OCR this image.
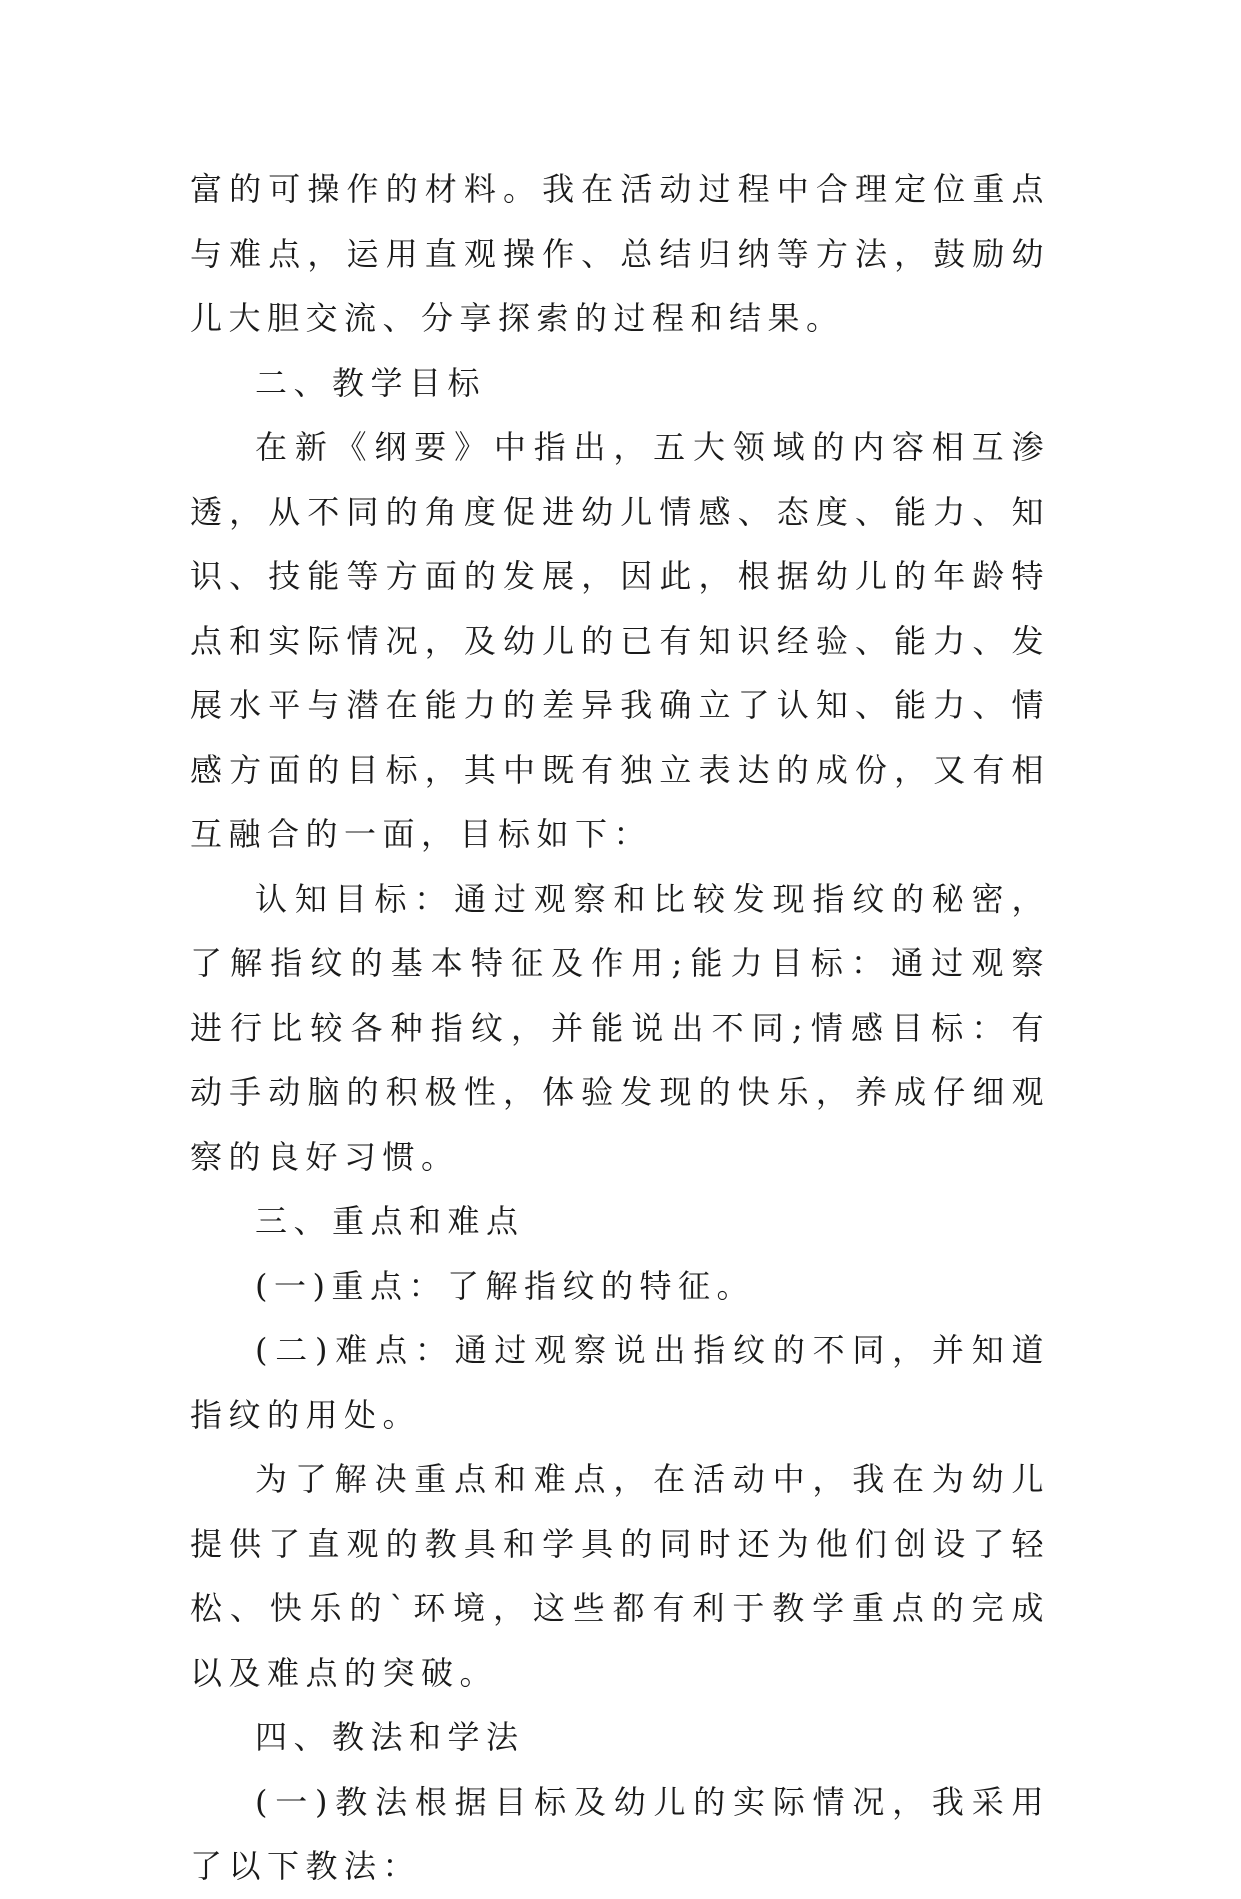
富的可操作的材料。我在活动过程中合理定位重点与难点，运用直观操作、总结归纳等方法，鼓励幼儿大胆交流、分享探索的过程和结果。

二、教学目标

在新《纲要》中指出，五大领域的内容相互渗透，从不同的角度促进幼儿情感、态度、能力、知识、技能等方面的发展，因此，根据幼儿的年龄特点和实际情况，及幼儿的已有知识经验、能力、发展水平与潜在能力的差异我确立了认知、能力、情感方面的目标，其中既有独立表达的成份，又有相互融合的一面，目标如下：

认知目标：通过观察和比较发现指纹的秘密，了解指纹的基本特征及作用;能力目标：通过观察进行比较各种指纹，并能说出不同;情感目标：有动手动脑的积极性，体验发现的快乐，养成仔细观察的良好习惯。

三、重点和难点

(一)重点：了解指纹的特征。

(二)难点：通过观察说出指纹的不同，并知道指纹的用处。

为了解决重点和难点，在活动中，我在为幼儿提供了直观的教具和学具的同时还为他们创设了轻松、快乐的`环境，这些都有利于教学重点的完成以及难点的突破。

四、教法和学法

(一)教法根据目标及幼儿的实际情况，我采用了以下教法：
